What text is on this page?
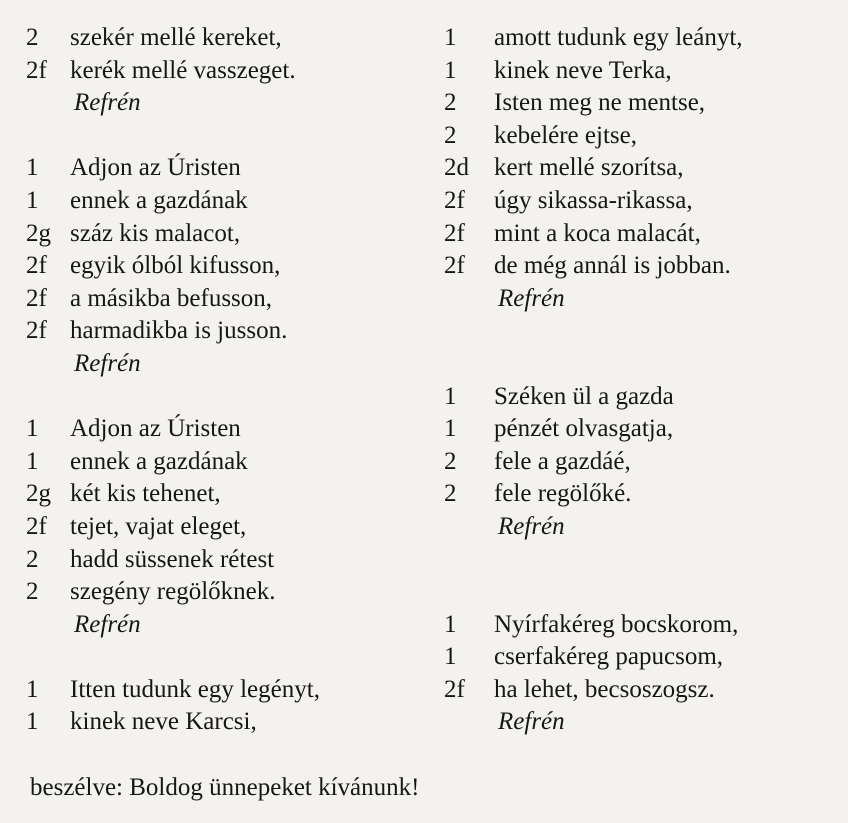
2	szekér mellé kereket,
2f kerék mellé vasszeget.
Refrén
1	Adjon az Úristen
1	ennek a gazdának
2g száz kis malacot,
2f egyik ólból kifusson,
2f a másikba befusson,
2f harmadikba is jusson.
Refrén
1	Adjon az Úristen
1	ennek a gazdának
2g két kis tehenet,
2f tejet, vajat eleget,
2	hadd süssenek rétest
2	szegény regölőknek.
Refrén
1	Itten tudunk egy legényt,
1	kinek neve Karcsi,
1	amott tudunk egy leányt,
1	kinek neve Terka,
2	Isten meg ne mentse,
2	kebelére ejtse,
2d	kert mellé szorítsa,
2f	úgy sikassa-rikassa,
2f	mint a koca malacát,
2f	de még annál is jobban.
Refrén
1	Széken ül a gazda
1	pénzét olvasgatja,
2	fele a gazdáé,
2	fele regölőké.
Refrén
1	Nyírfakéreg bocskorom,
1	cserfakéreg papucsom,
2f	ha lehet, becsoszogsz.
Refrén
beszélve: Boldog ünnepeket kívánunk!
